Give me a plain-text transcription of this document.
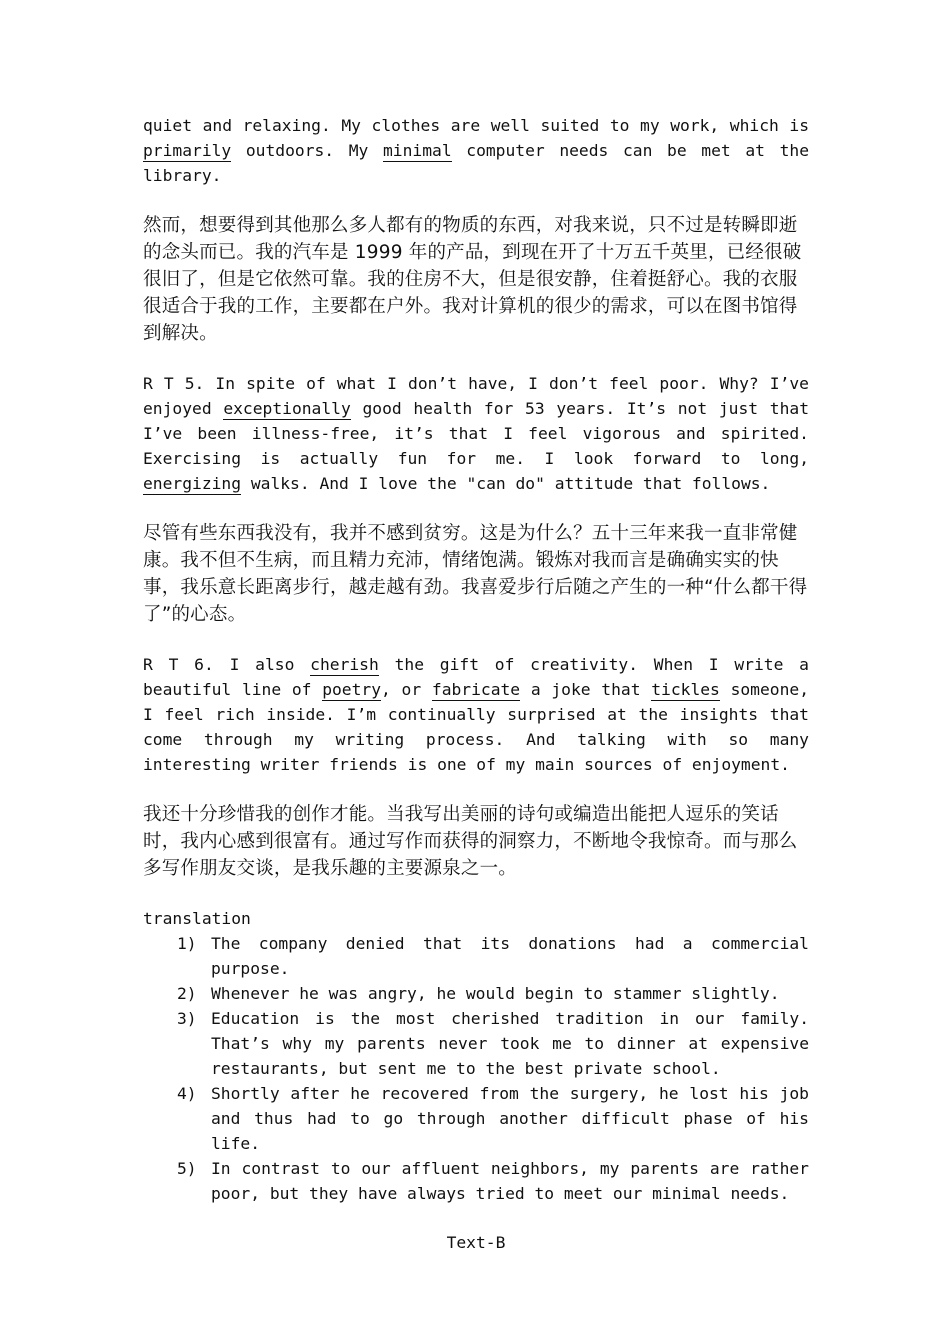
quiet and relaxing. My clothes are well suited to my work, which is primarily outdoors. My minimal computer needs can be met at the library.

然而，想要得到其他那么多人都有的物质的东西，对我来说，只不过是转瞬即逝的念头而已。我的汽车是 1999 年的产品，到现在开了十万五千英里，已经很破很旧了，但是它依然可靠。我的住房不大，但是很安静，住着挺舒心。我的衣服很适合于我的工作，主要都在户外。我对计算机的很少的需求，可以在图书馆得到解决。

R T 5. In spite of what I don’t have, I don’t feel poor. Why? I’ve enjoyed exceptionally good health for 53 years. It’s not just that I’ve been illness-free, it’s that I feel vigorous and spirited. Exercising is actually fun for me. I look forward to long, energizing walks. And I love the "can do" attitude that follows.

尽管有些东西我没有，我并不感到贫穷。这是为什么？五十三年来我一直非常健康。我不但不生病，而且精力充沛，情绪饱满。锻炼对我而言是确确实实的快事，我乐意长距离步行，越走越有劲。我喜爱步行后随之产生的一种“什么都干得了”的心态。

R T 6. I also cherish the gift of creativity. When I write a beautiful line of poetry, or fabricate a joke that tickles someone, I feel rich inside. I’m continually surprised at the insights that come through my writing process. And talking with so many interesting writer friends is one of my main sources of enjoyment.

我还十分珍惜我的创作才能。当我写出美丽的诗句或编造出能把人逗乐的笑话时，我内心感到很富有。通过写作而获得的洞察力，不断地令我惊奇。而与那么多写作朋友交谈，是我乐趣的主要源泉之一。

translation

1) The company denied that its donations had a commercial purpose.
2) Whenever he was angry, he would begin to stammer slightly.
3) Education is the most cherished tradition in our family. That’s why my parents never took me to dinner at expensive restaurants, but sent me to the best private school.
4) Shortly after he recovered from the surgery, he lost his job and thus had to go through another difficult phase of his life.
5) In contrast to our affluent neighbors, my parents are rather poor, but they have always tried to meet our minimal needs.
Text-B
